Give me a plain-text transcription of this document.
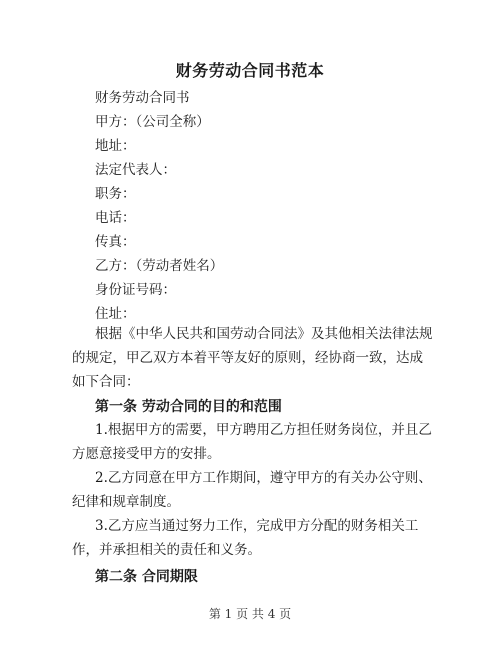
财务劳动合同书范本
财务劳动合同书
甲方：（公司全称）
地址：
法定代表人：
职务：
电话：
传真：
乙方：（劳动者姓名）
身份证号码：
住址：
根据《中华人民共和国劳动合同法》及其他相关法律法规的规定，甲乙双方本着平等友好的原则，经协商一致，达成如下合同：
第一条 劳动合同的目的和范围
1.根据甲方的需要，甲方聘用乙方担任财务岗位，并且乙方愿意接受甲方的安排。
2.乙方同意在甲方工作期间，遵守甲方的有关办公守则、纪律和规章制度。
3.乙方应当通过努力工作，完成甲方分配的财务相关工作，并承担相关的责任和义务。
第二条 合同期限
第 1 页 共 4 页
